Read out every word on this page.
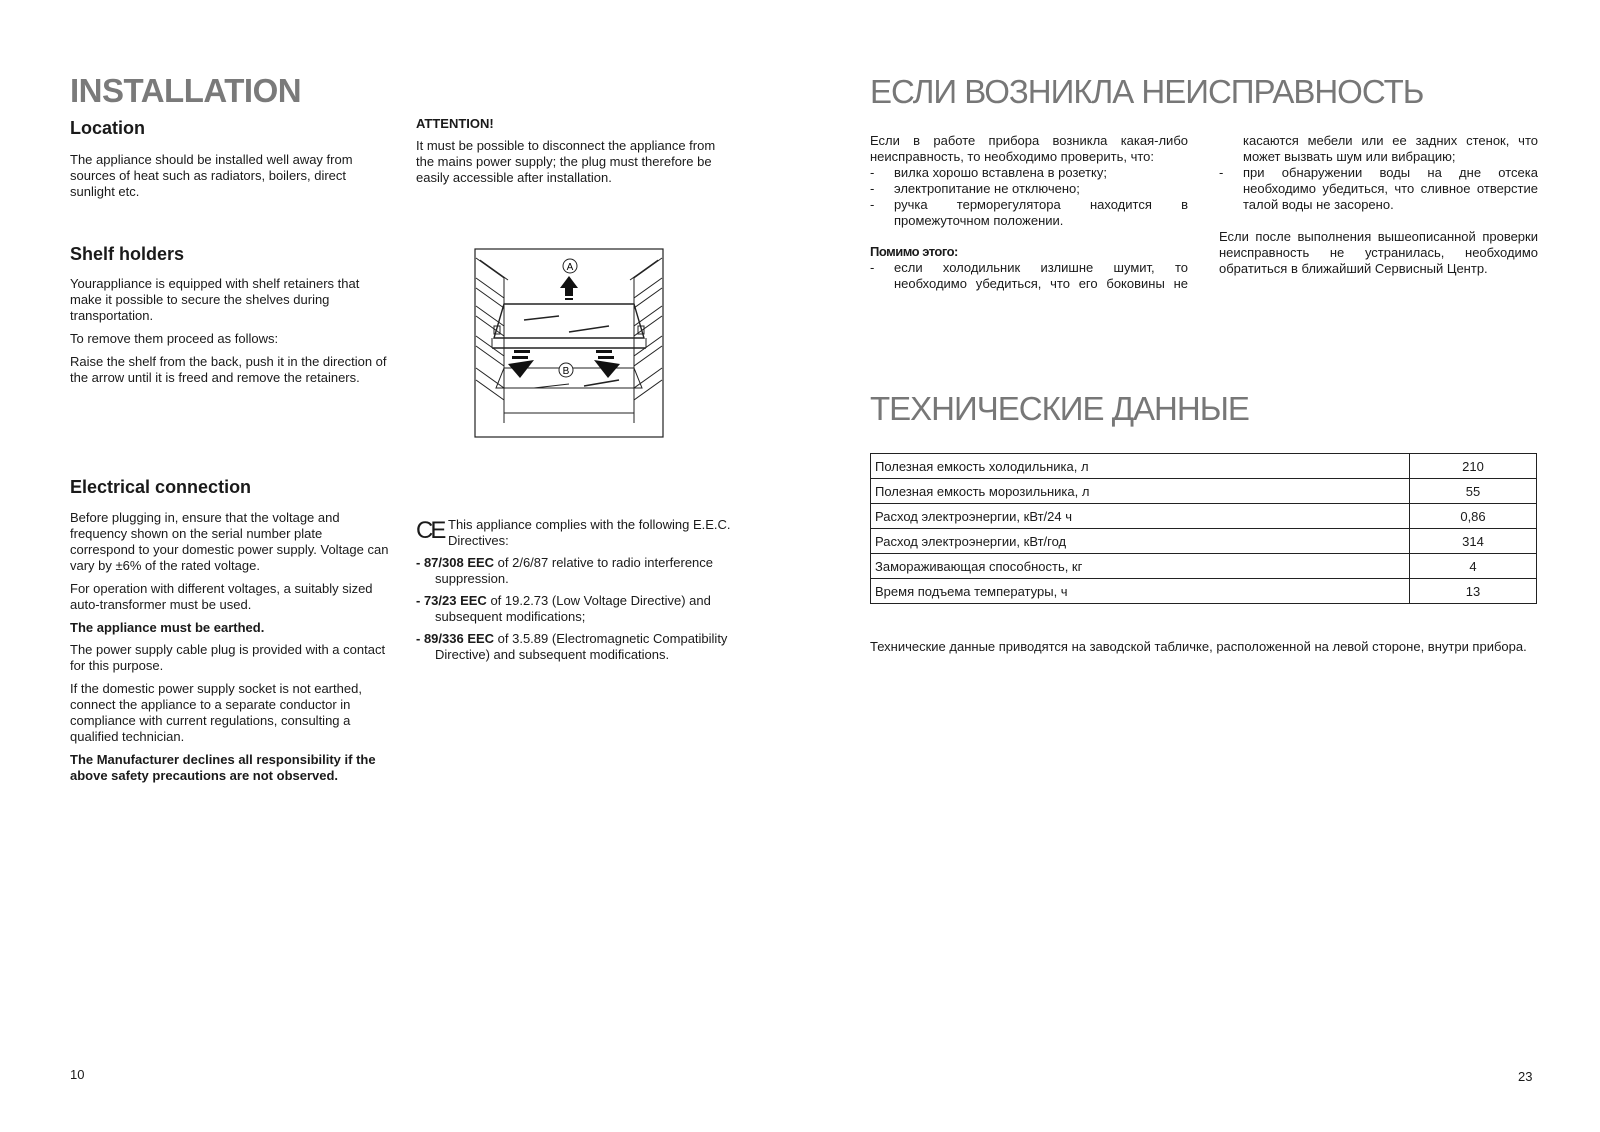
INSTALLATION
Location

The appliance should be installed well away from sources of heat such as radiators, boilers, direct sunlight etc.

ATTENTION!

It must be possible to disconnect the appliance from the mains power supply; the plug must therefore be easily accessible after installation.

Shelf holders

Yourappliance is equipped with shelf retainers that make it possible to secure the shelves during transportation.

To remove them proceed as follows:

Raise the shelf from the back, push it in the direction of the arrow until it is freed and remove the retainers.

A
B
Electrical connection

Before plugging in, ensure that the voltage and frequency shown on the serial number plate correspond to your domestic power supply. Voltage can vary by ±6% of the rated voltage.

For operation with different voltages, a suitably sized auto-transformer must be used.

The appliance must be earthed.

The power supply cable plug is provided with a contact for this purpose.

If the domestic power supply socket is not earthed, connect the appliance to a separate conductor in compliance with current regulations, consulting a qualified technician.

The Manufacturer declines all responsibility if the above safety precautions are not observed.

CE This appliance complies with the following E.E.C. Directives:

- 87/308 EEC of 2/6/87 relative to radio interference suppression.

- 73/23 EEC of 19.2.73 (Low Voltage Directive) and subsequent modifications;

- 89/336 EEC of 3.5.89 (Electromagnetic Compatibility Directive) and subsequent modifications.

10
ЕСЛИ ВОЗНИКЛА НЕИСПРАВНОСТЬ

Если в работе прибора возникла какая-либо неисправность, то необходимо проверить, что:

-	вилка хорошо вставлена в розетку;
-	электропитание не отключено;
-	ручка терморегулятора находится в промежуточном положении.

Помимо этого:

-	если холодильник излишне шумит, то необходимо убедиться, что его боковины не
касаются мебели или ее задних стенок, что может вызвать шум или вибрацию;
-	при обнаружении воды на дне отсека необходимо убедиться, что сливное отверстие талой воды не засорено.

Если после выполнения вышеописанной проверки неисправность не устранилась, необходимо обратиться в ближайший Сервисный Центр.

ТЕХНИЧЕСКИЕ ДАННЫЕ
Полезная емкость холодильника, л	210
Полезная емкость морозильника, л	55
Расход электроэнергии, кВт/24 ч	0,86
Расход электроэнергии, кВт/год	314
Замораживающая способность, кг	4
Время подъема температуры, ч	13

Технические данные приводятся на заводской табличке, расположенной на левой стороне, внутри прибора.

23
